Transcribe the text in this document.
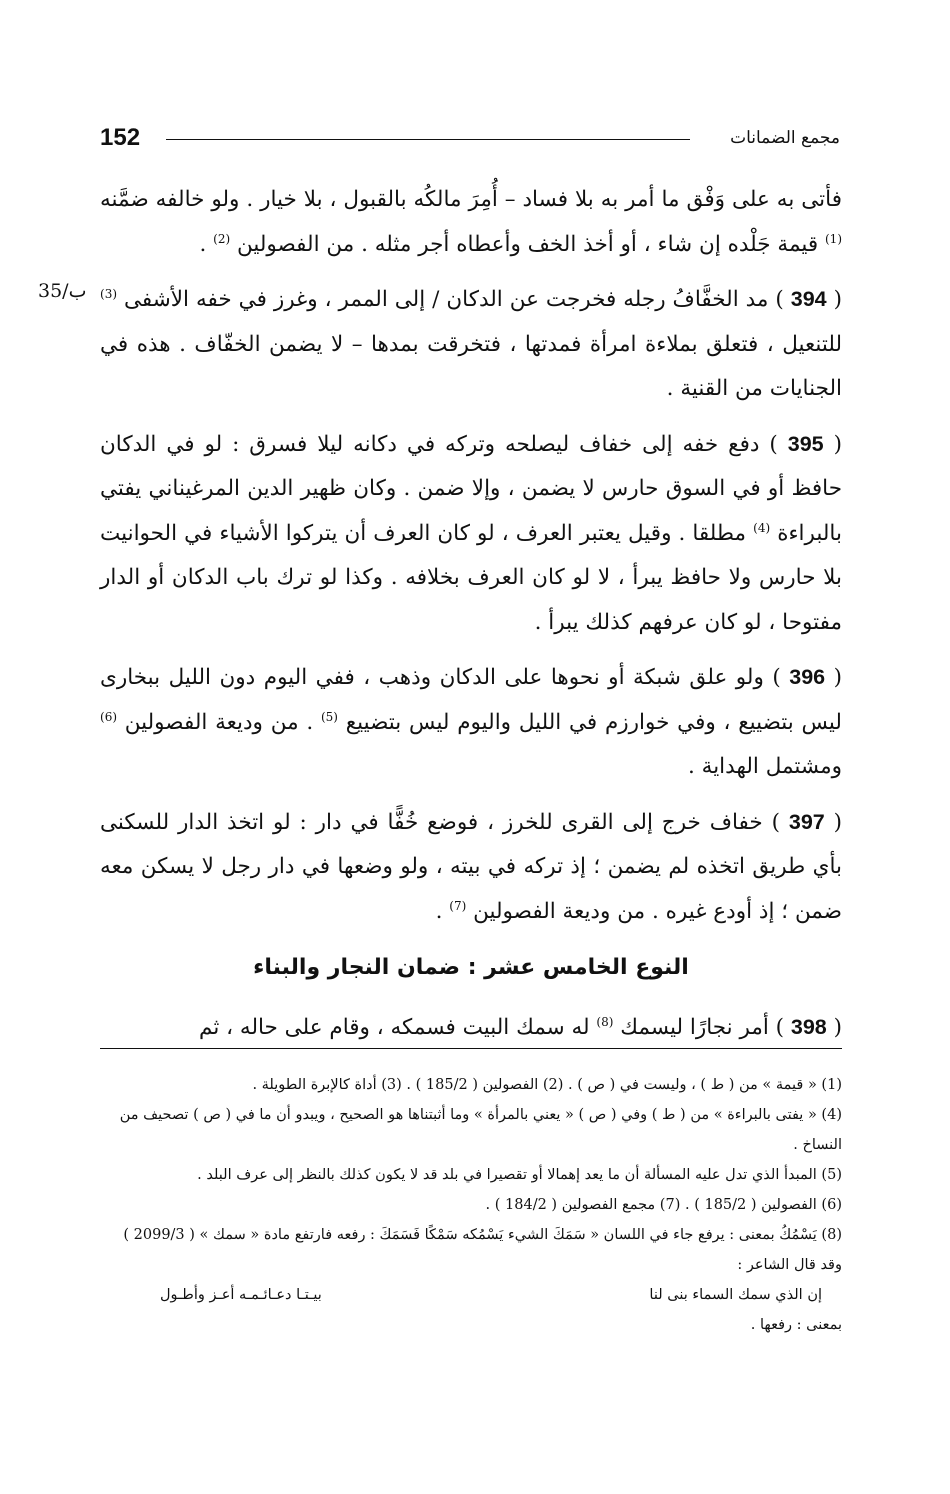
152	مجمع الضمانات
35/ب

فأتى به على وَفْق ما أمر به بلا فساد – أُمِرَ مالكُه بالقبول ، بلا خيار . ولو خالفه ضمَّنه $^{(1)}$ قيمة جَلْده إن شاء ، أو أخذ الخف وأعطاه أجر مثله . من الفصولين $^{(2)}$ .

( 394 ) مد الخفَّافُ رجله فخرجت عن الدكان / إلى الممر ، وغرز في خفه الأشفى $^{(3)}$ للتنعيل ، فتعلق بملاءة امرأة فمدتها ، فتخرقت بمدها – لا يضمن الخفّاف . هذه في الجنايات من القنية .

( 395 ) دفع خفه إلى خفاف ليصلحه وتركه في دكانه ليلا فسرق : لو في الدكان حافظ أو في السوق حارس لا يضمن ، وإلا ضمن . وكان ظهير الدين المرغيناني يفتي بالبراءة $^{(4)}$ مطلقا . وقيل يعتبر العرف ، لو كان العرف أن يتركوا الأشياء في الحوانيت بلا حارس ولا حافظ يبرأ ، لا لو كان العرف بخلافه . وكذا لو ترك باب الدكان أو الدار مفتوحا ، لو كان عرفهم كذلك يبرأ .

( 396 ) ولو علق شبكة أو نحوها على الدكان وذهب ، ففي اليوم دون الليل ببخارى ليس بتضييع ، وفي خوارزم في الليل واليوم ليس بتضييع $^{(5)}$ . من وديعة الفصولين $^{(6)}$ ومشتمل الهداية .

( 397 ) خفاف خرج إلى القرى للخرز ، فوضع خُفًّا في دار : لو اتخذ الدار للسكنى بأي طريق اتخذه لم يضمن ؛ إذ تركه في بيته ، ولو وضعها في دار رجل لا يسكن معه ضمن ؛ إذ أودع غيره . من وديعة الفصولين $^{(7)}$ .

النوع الخامس عشر : ضمان النجار والبناء

( 398 ) أمر نجارًا ليسمك $^{(8)}$ له سمك البيت فسمكه ، وقام على حاله ، ثم

(1) « قيمة » من ( ط ) ، وليست في ( ص ) . (2) الفصولين ( 185/2 ) . (3) أداة كالإبرة الطويلة .

(4) « يفتى بالبراءة » من ( ط ) وفي ( ص ) « يعني بالمرأة » وما أثبتناها هو الصحيح ، ويبدو أن ما في ( ص ) تصحيف من النساخ .

(5) المبدأ الذي تدل عليه المسألة أن ما يعد إهمالا أو تقصيرا في بلد قد لا يكون كذلك بالنظر إلى عرف البلد .

(6) الفصولين ( 185/2 ) . (7) مجمع الفصولين ( 184/2 ) .

(8) يَسْمُكُ بمعنى : يرفع جاء في اللسان « سَمَكَ الشيء يَسْمُكه سَمْكًا فَسَمَكَ : رفعه فارتفع مادة « سمك » ( 2099/3 ) وقد قال الشاعر :

إن الذي سمك السماء بنى لنا
بيـتـا دعـائـمـه أعـز وأطـول

بمعنى : رفعها .
